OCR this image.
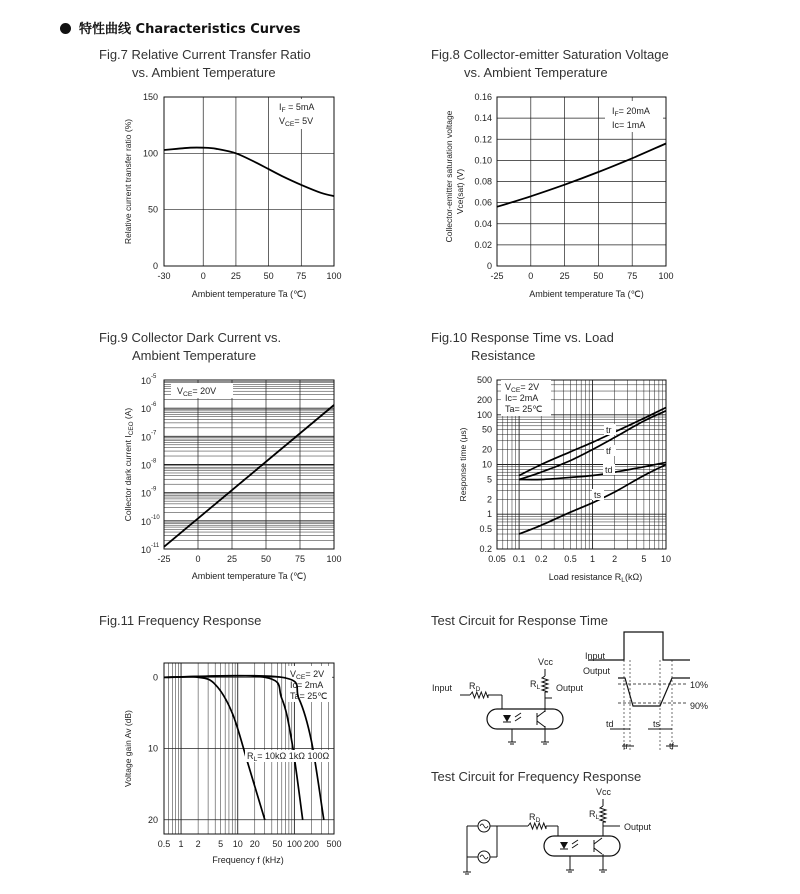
特性曲线 Characteristics Curves
Fig.7 Relative Current Transfer Ratio
vs. Ambient Temperature
Fig.8 Collector-emitter Saturation Voltage
vs. Ambient Temperature
Fig.9 Collector Dark Current vs.
Ambient Temperature
Fig.10 Response Time vs. Load
Resistance
Fig.11 Frequency Response	Test Circuit for Response Time
Test Circuit for Frequency Response
-30	0	25	50	75 100
0
50
100
150
Ambient temperature Ta (℃)
Relative current transfer ratio (%)
$I_F = 5mA$
$V_{CE}= 5V$
-25	0	25	50	75 100
0
0.02
0.04
0.06
0.08
0.10
0.12
0.14
0.16
Ambient temperature Ta (℃)
Collector-emitter saturation voltage Vce(sat) (V)
$I_F= 20mA$
Ic= 1mA
-25	0	25	50	75 100
10 -11
10 -10
10 -9
10 -8
10 -7
10 -6
10 -5
Ambient temperature Ta (℃)
Collector dark current $I_{CEO}$ (A)
$V_{CE}= 20V$
0.05 0.1 0.2 0.5 1 2	5 10
0.2
0.5
1
2
5
10
20
50
100
200
500
Load resistance $R_L(k\Omega)$
Response time (μs)
$V_{CE}= 2V$
Ic= 2mA
Ta= 25℃
tr
tf
td
ts
0.5 1 2 5 10 20 50 100 200 500
0
10
20
Frequency f (kHz)
Voltage gain Av (dB)
$V_{CE}= 2V$
Ic= 2mA
Ta= 25℃
$R_L= 10k\Omega$ 1kΩ 100Ω
Input $R_D$	Output
Vcc
$R_L$
Input
Output
10%
90%
td	ts
tr	tf
Vcc
$R_L$
Output
$R_D$
